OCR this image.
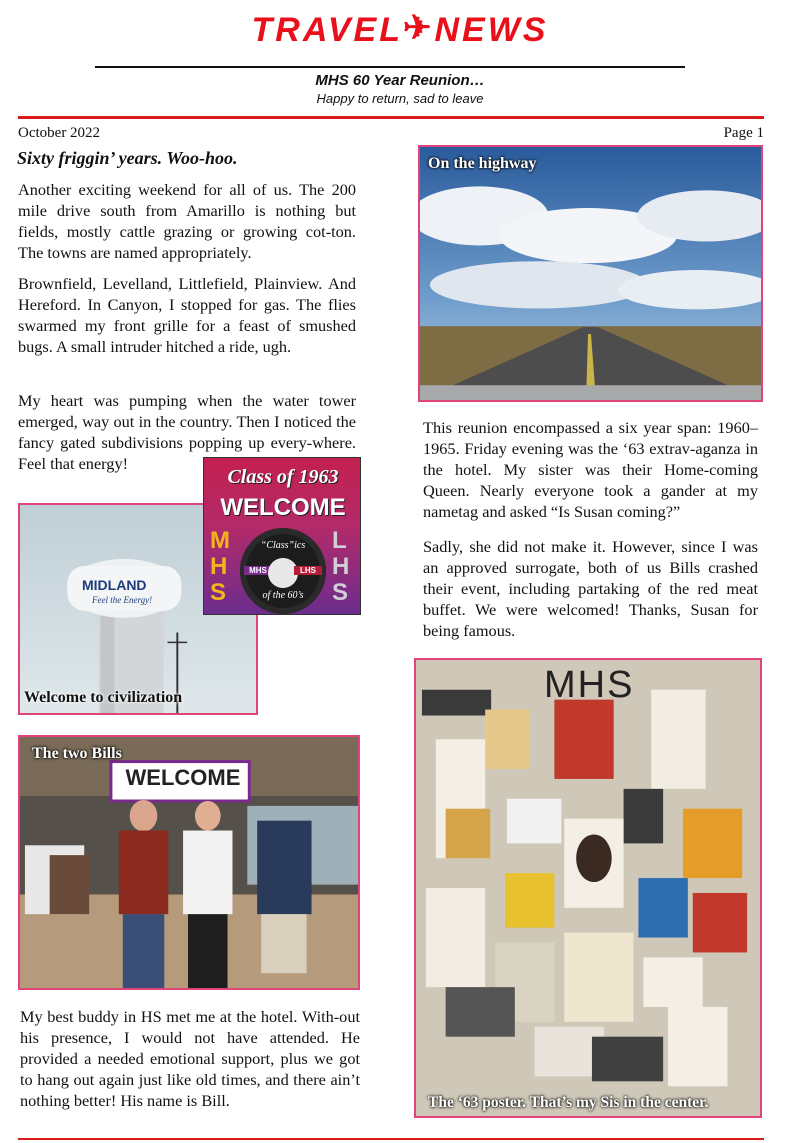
TRAVEL✈NEWS
MHS 60 Year Reunion…
Happy to return, sad to leave
October 2022	Page 1
Sixty friggin’ years. Woo-hoo.

Another exciting weekend for all of us. The 200 mile drive south from Amarillo is nothing but fields, mostly cattle grazing or growing cot-ton. The towns are named appropriately.

Brownfield, Levelland, Littlefield, Plainview. And Hereford. In Canyon, I stopped for gas. The flies swarmed my front grille for a feast of smushed bugs. A small intruder hitched a ride, ugh.

My heart was pumping when the water tower emerged, way out in the country. Then I noticed the fancy gated subdivisions popping up every-where. Feel that energy!

MIDLAND
Feel the Energy!
Welcome to civilization
Class of 1963
WELCOME
MHS
LHS
“Class”ics
MHS	LHS
of the 60’s
WELCOME
The two Bills

My best buddy in HS met me at the hotel. With-out his presence, I would not have attended. He provided a needed emotional support, plus we got to hang out again just like old times, and there ain’t nothing better! His name is Bill.

On the highway

This reunion encompassed a six year span: 1960–1965. Friday evening was the ‘63 extrav-aganza in the hotel. My sister was their Home-coming Queen. Nearly everyone took a gander at my nametag and asked “Is Susan coming?”

Sadly, she did not make it. However, since I was an approved surrogate, both of us Bills crashed their event, including partaking of the red meat buffet. We were welcomed! Thanks, Susan for being famous.

MHS
The ‘63 poster. That’s my Sis in the center.
